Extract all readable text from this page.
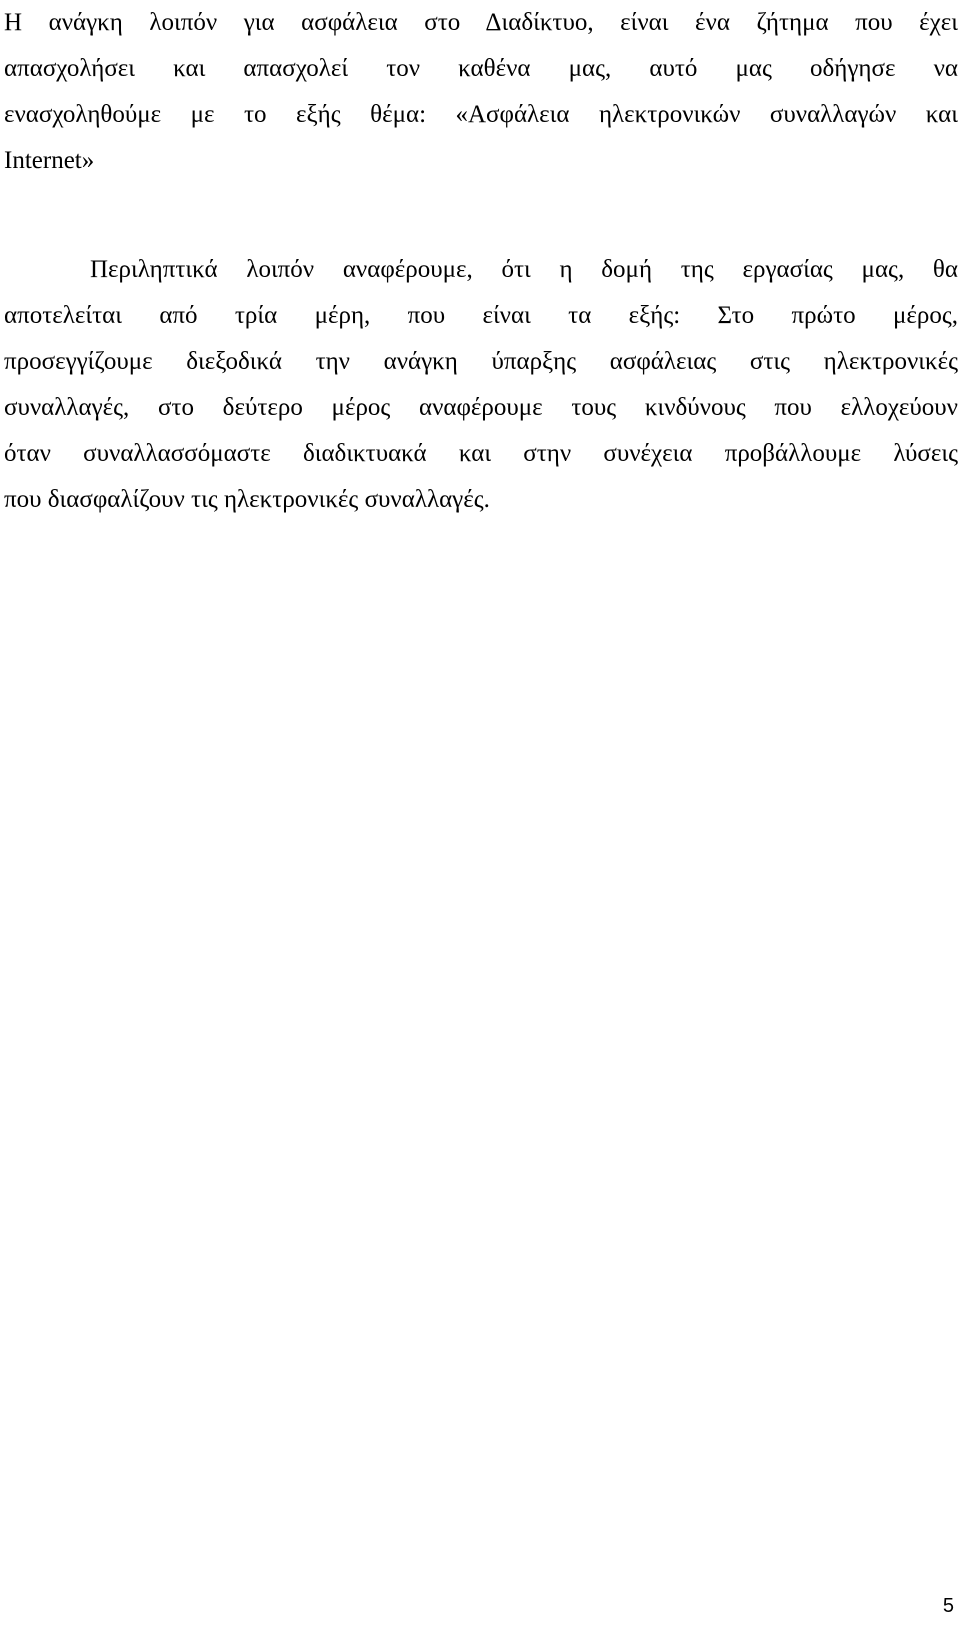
Η ανάγκη λοιπόν για ασφάλεια στο Διαδίκτυο, είναι ένα ζήτημα που έχει
απασχολήσει και απασχολεί τον καθένα μας, αυτό μας οδήγησε να
ενασχοληθούμε με το εξής θέμα: «Ασφάλεια ηλεκτρονικών συναλλαγών και
Internet»

Περιληπτικά λοιπόν αναφέρουμε, ότι η δομή της εργασίας μας, θα
αποτελείται από τρία μέρη, που είναι τα εξής: Στο πρώτο μέρος,
προσεγγίζουμε διεξοδικά την ανάγκη ύπαρξης ασφάλειας στις ηλεκτρονικές
συναλλαγές, στο δεύτερο μέρος αναφέρουμε τους κινδύνους που ελλοχεύουν
όταν συναλλασσόμαστε διαδικτυακά και στην συνέχεια προβάλλουμε λύσεις
που διασφαλίζουν τις ηλεκτρονικές συναλλαγές.

5
